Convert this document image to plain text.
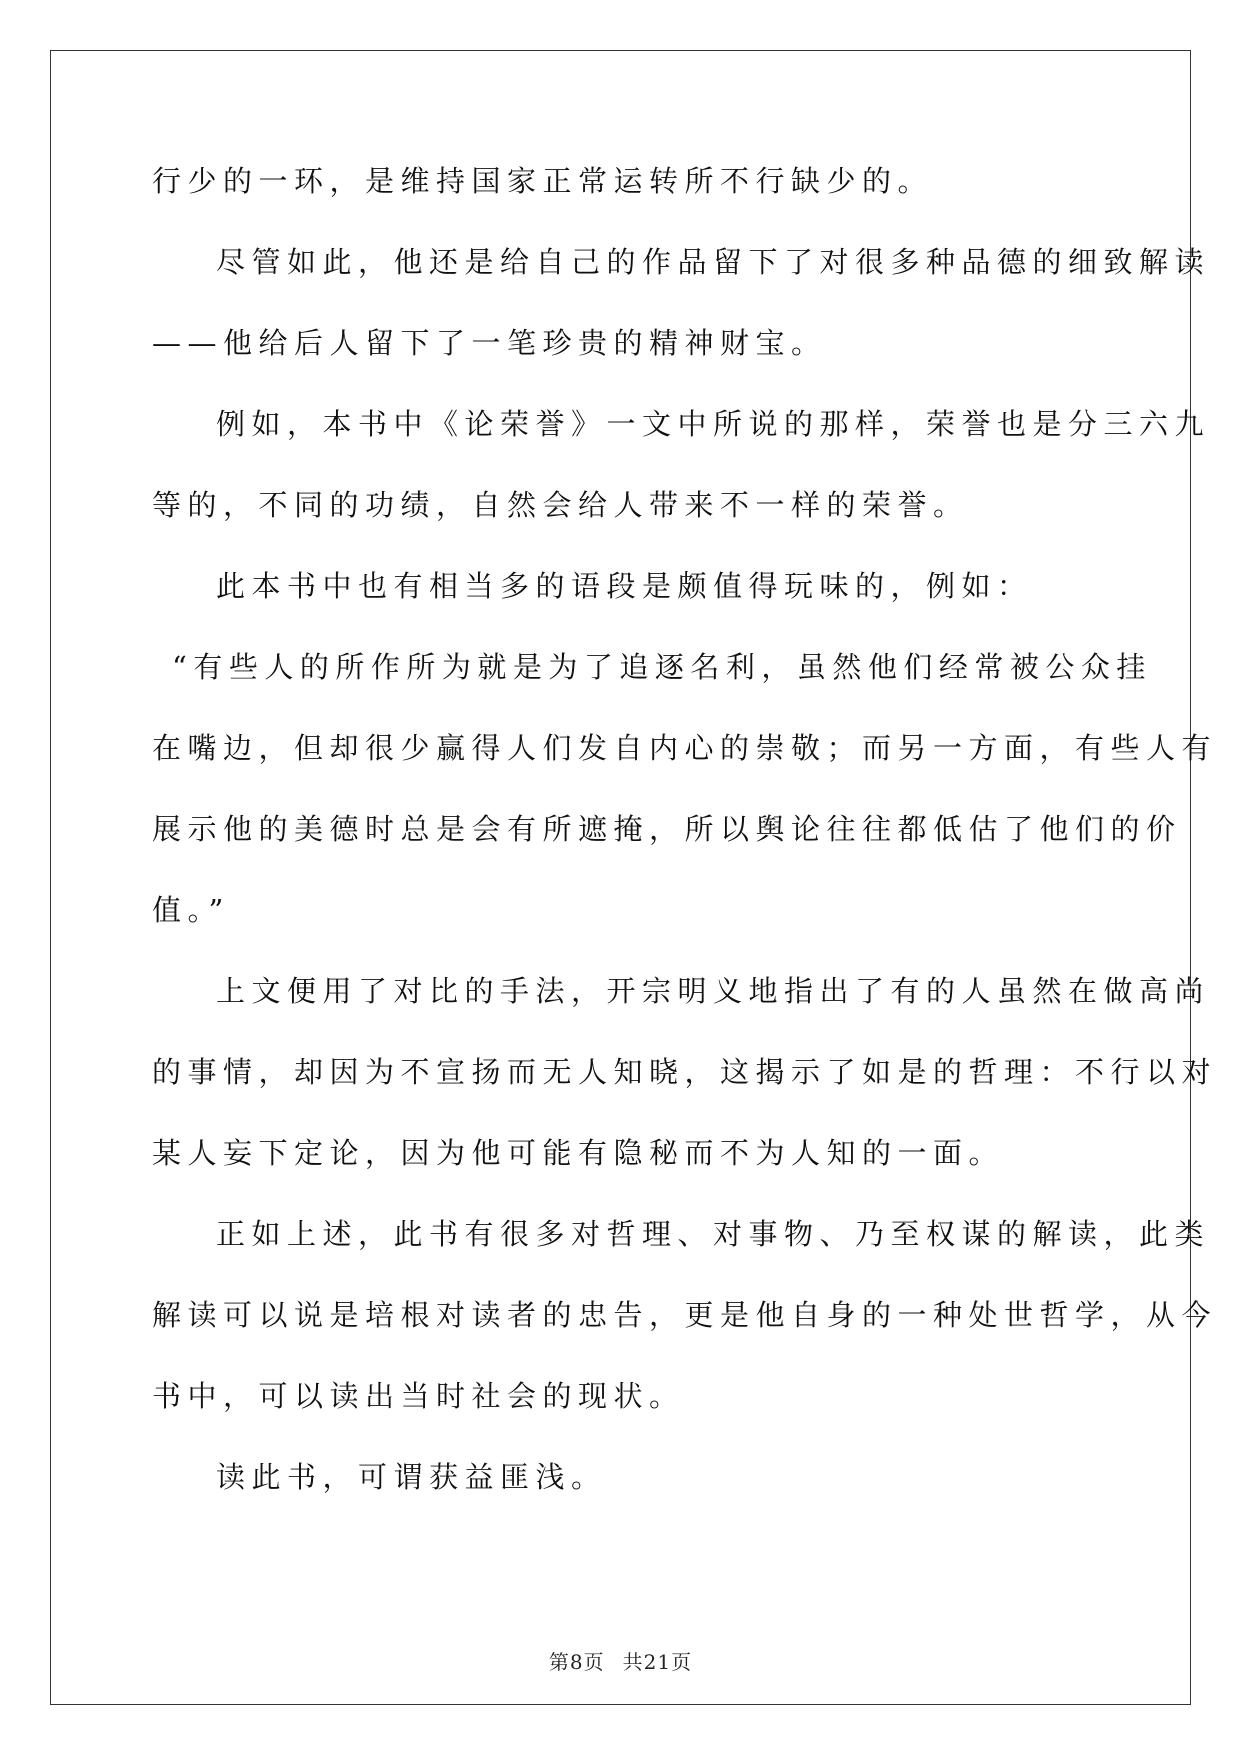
行少的一环，是维持国家正常运转所不行缺少的。
尽管如此，他还是给自己的作品留下了对很多种品德的细致解读
——他给后人留下了一笔珍贵的精神财宝。
例如，本书中《论荣誉》一文中所说的那样，荣誉也是分三六九
等的，不同的功绩，自然会给人带来不一样的荣誉。
此本书中也有相当多的语段是颇值得玩味的，例如：
“有些人的所作所为就是为了追逐名利，虽然他们经常被公众挂
在嘴边，但却很少赢得人们发自内心的崇敬；而另一方面，有些人有
展示他的美德时总是会有所遮掩，所以舆论往往都低估了他们的价
值。”
上文便用了对比的手法，开宗明义地指出了有的人虽然在做高尚
的事情，却因为不宣扬而无人知晓，这揭示了如是的哲理：不行以对
某人妄下定论，因为他可能有隐秘而不为人知的一面。
正如上述，此书有很多对哲理、对事物、乃至权谋的解读，此类
解读可以说是培根对读者的忠告，更是他自身的一种处世哲学，从今
书中，可以读出当时社会的现状。
读此书，可谓获益匪浅。
第8页 共21页
